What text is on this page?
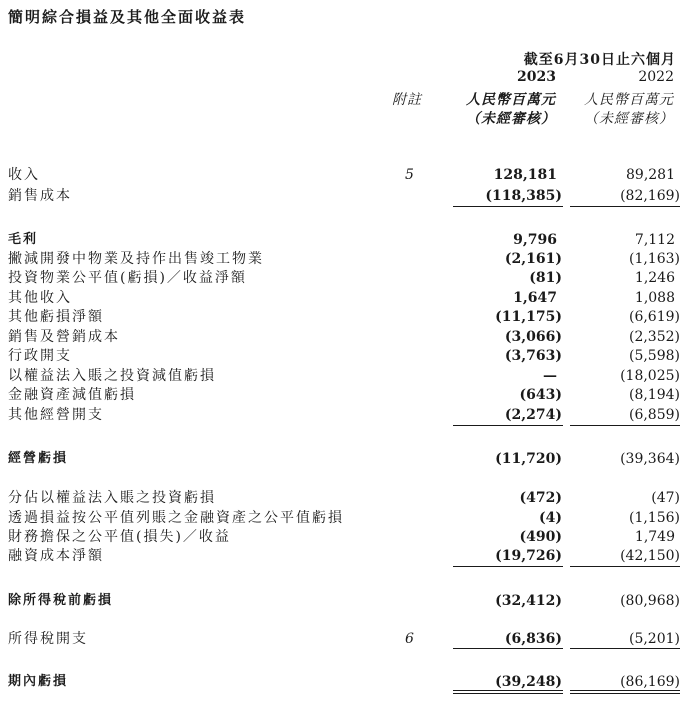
簡明綜合損益及其他全面收益表
截至6月30日止六個月
2023	2022
附註	人民幣百萬元 人民幣百萬元
（未經審核） （未經審核）
收入	5	128,181	89,281
銷售成本	(118,385)	(82,169)
毛利	9,796	7,112
撇減開發中物業及持作出售竣工物業	(2,161)	(1,163)
投資物業公平值(虧損)／收益淨額	(81)	1,246
其他收入	1,647	1,088
其他虧損淨額	(11,175)	(6,619)
銷售及營銷成本	(3,066)	(2,352)
行政開支	(3,763)	(5,598)
以權益法入賬之投資減值虧損	—	(18,025)
金融資產減值虧損	(643)	(8,194)
其他經營開支	(2,274)	(6,859)
經營虧損	(11,720)	(39,364)
分佔以權益法入賬之投資虧損	(472)	(47)
透過損益按公平值列賬之金融資產之公平值虧損	(4)	(1,156)
財務擔保之公平值(損失)／收益	(490)	1,749
融資成本淨額	(19,726)	(42,150)
除所得稅前虧損	(32,412)	(80,968)
所得稅開支	6	(6,836)	(5,201)
期內虧損	(39,248)	(86,169)
